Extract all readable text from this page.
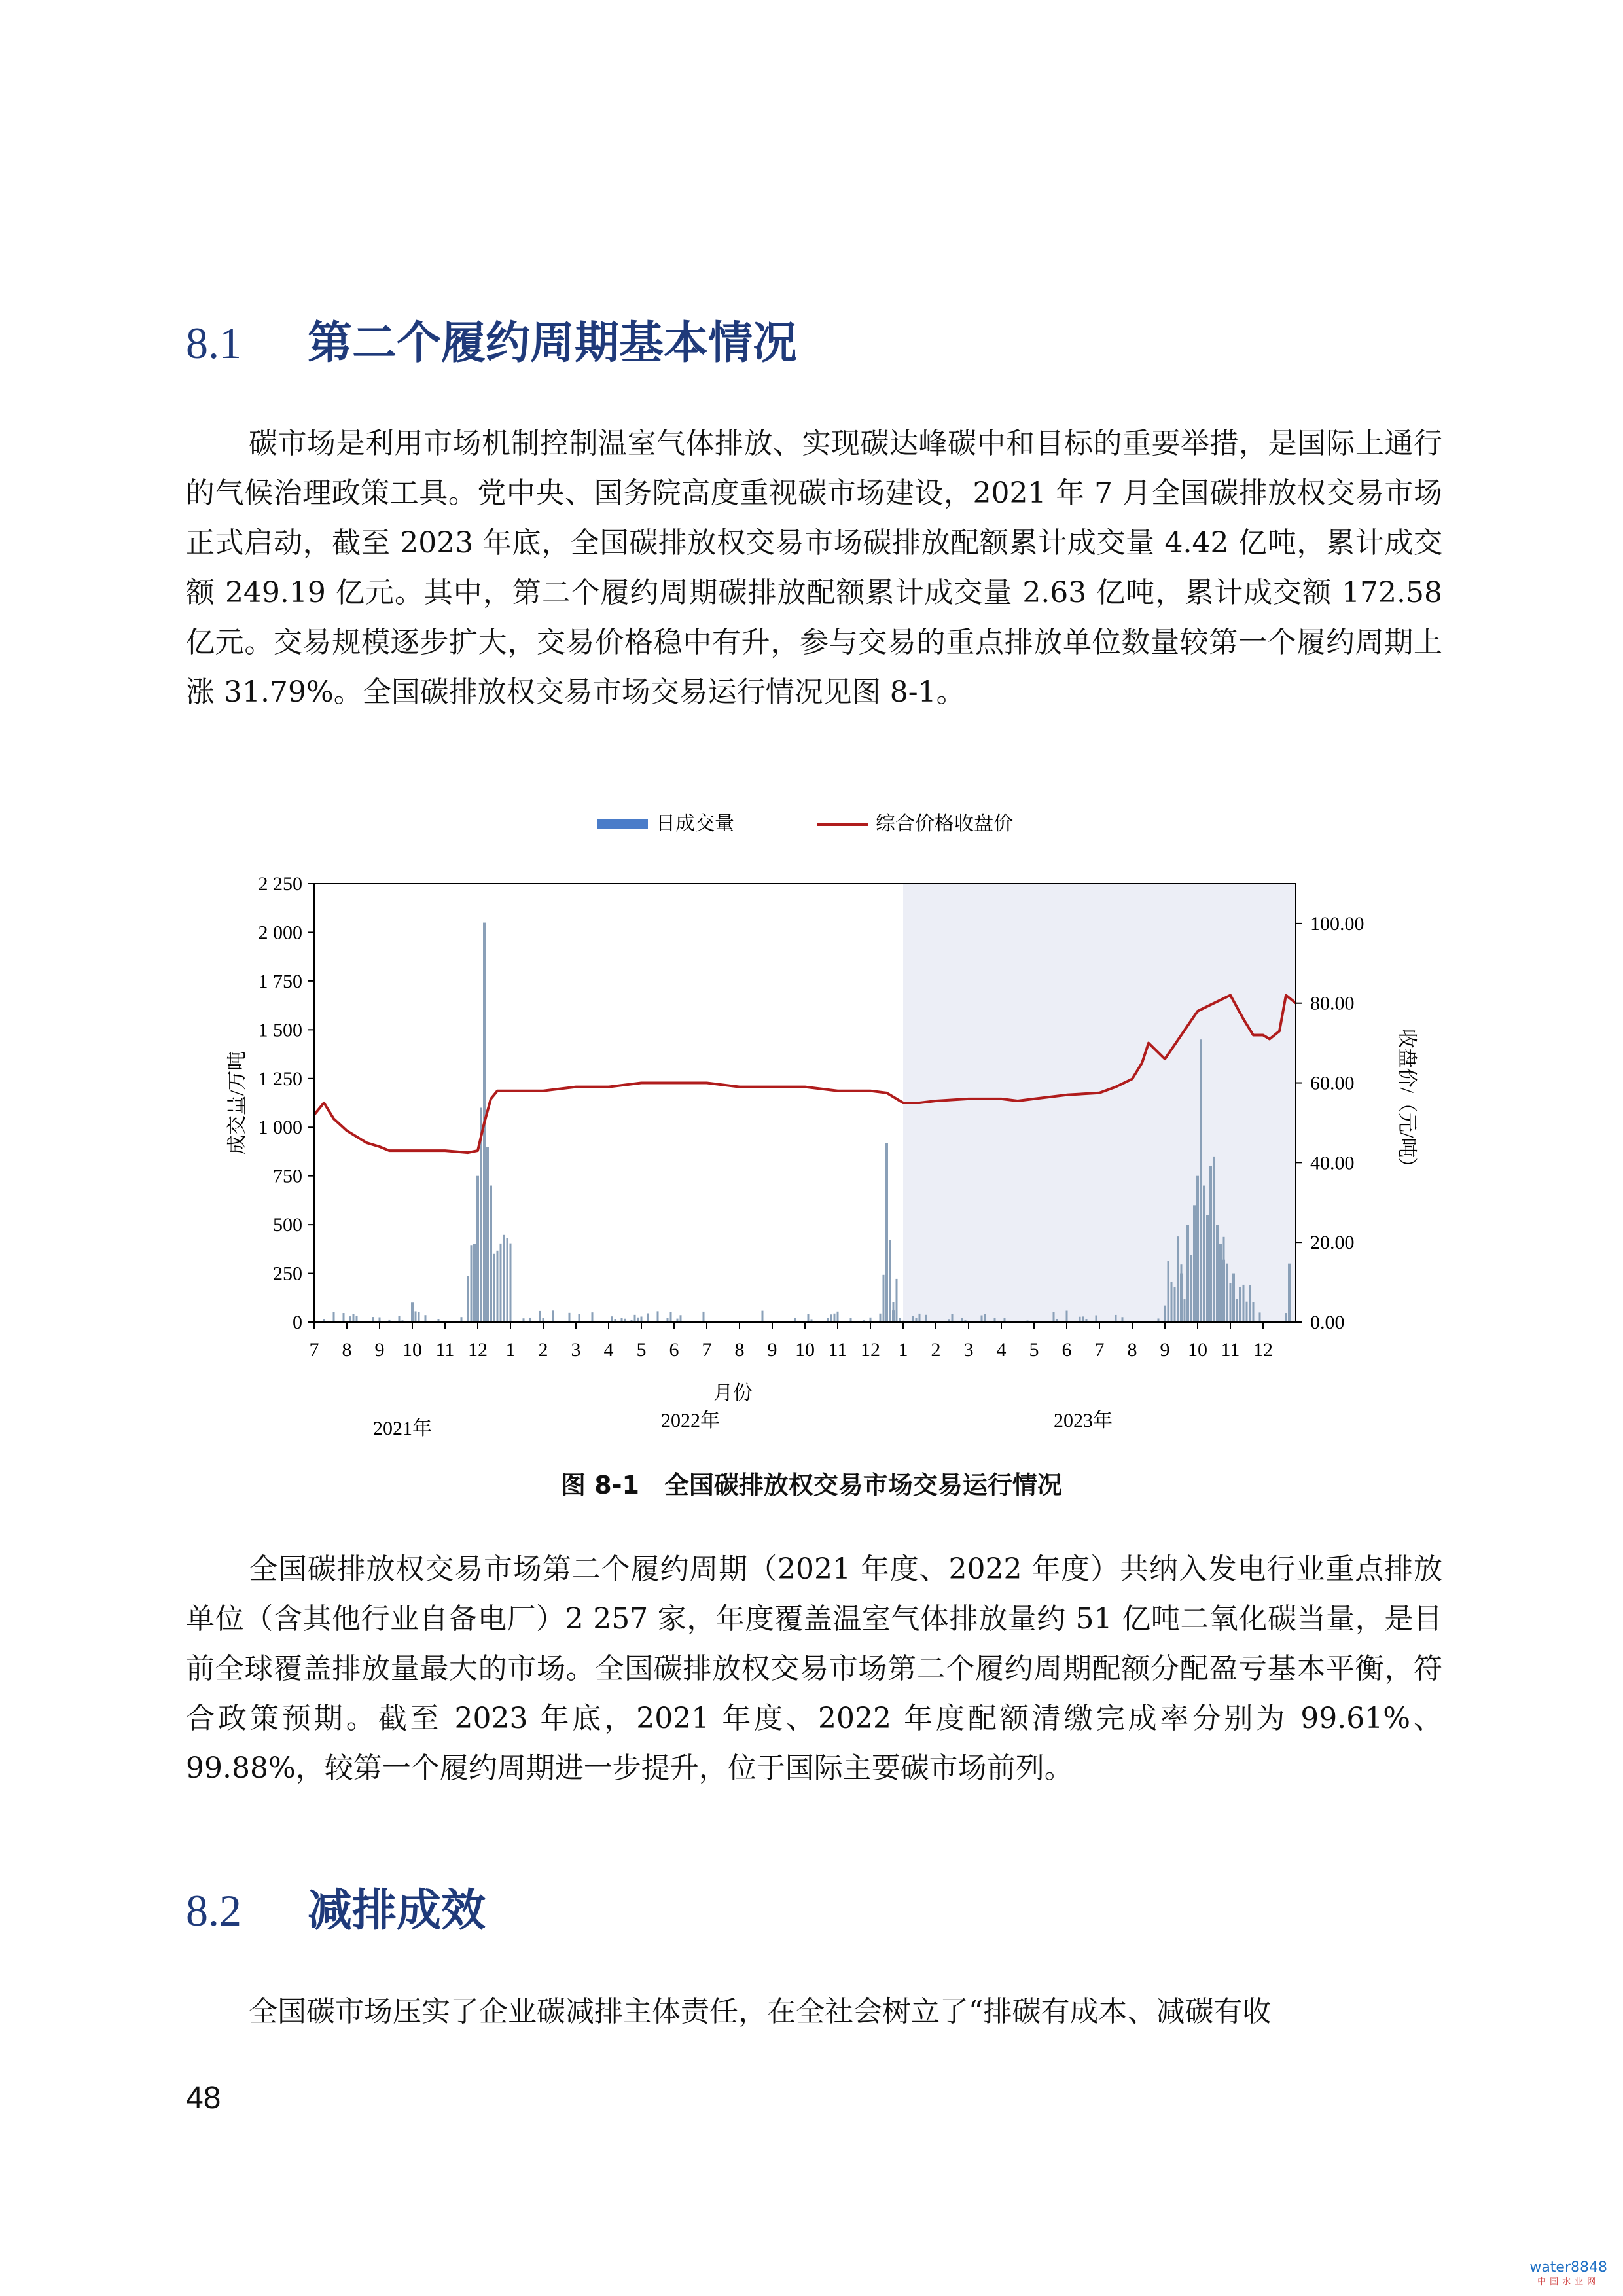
8.1 第二个履约周期基本情况

碳市场是利用市场机制控制温室气体排放、实现碳达峰碳中和目标的重要举措，是国际上通行的气候治理政策工具。党中央、国务院高度重视碳市场建设，2021 年 7 月全国碳排放权交易市场正式启动，截至 2023 年底，全国碳排放权交易市场碳排放配额累计成交量 4.42 亿吨，累计成交额 249.19 亿元。其中，第二个履约周期碳排放配额累计成交量 2.63 亿吨，累计成交额 172.58 亿元。交易规模逐步扩大，交易价格稳中有升，参与交易的重点排放单位数量较第一个履约周期上涨 31.79%。全国碳排放权交易市场交易运行情况见图 8-1。

日成交量	综合价格收盘价
0
250
500
750
1 000
1 250
1 500
1 750
2 000
2 250
0.00
20.00
40.00
60.00
80.00
100.00
7 8 9 10 11 12 1 2 3 4 5 6 7 8 9 10 11 12 1 2 3 4 5 6 7 8 9 10 11 12
成交量/万吨	收盘价/（元/吨）
月份
2021年	2022年	2023年

图 8-1　全国碳排放权交易市场交易运行情况

全国碳排放权交易市场第二个履约周期（2021 年度、2022 年度）共纳入发电行业重点排放单位（含其他行业自备电厂）2 257 家，年度覆盖温室气体排放量约 51 亿吨二氧化碳当量，是目前全球覆盖排放量最大的市场。全国碳排放权交易市场第二个履约周期配额分配盈亏基本平衡，符合政策预期。截至 2023 年底，2021 年度、2022 年度配额清缴完成率分别为 99.61%、99.88%，较第一个履约周期进一步提升，位于国际主要碳市场前列。

8.2 减排成效

全国碳市场压实了企业碳减排主体责任，在全社会树立了“排碳有成本、减碳有收

48

water8848
中国水业网
